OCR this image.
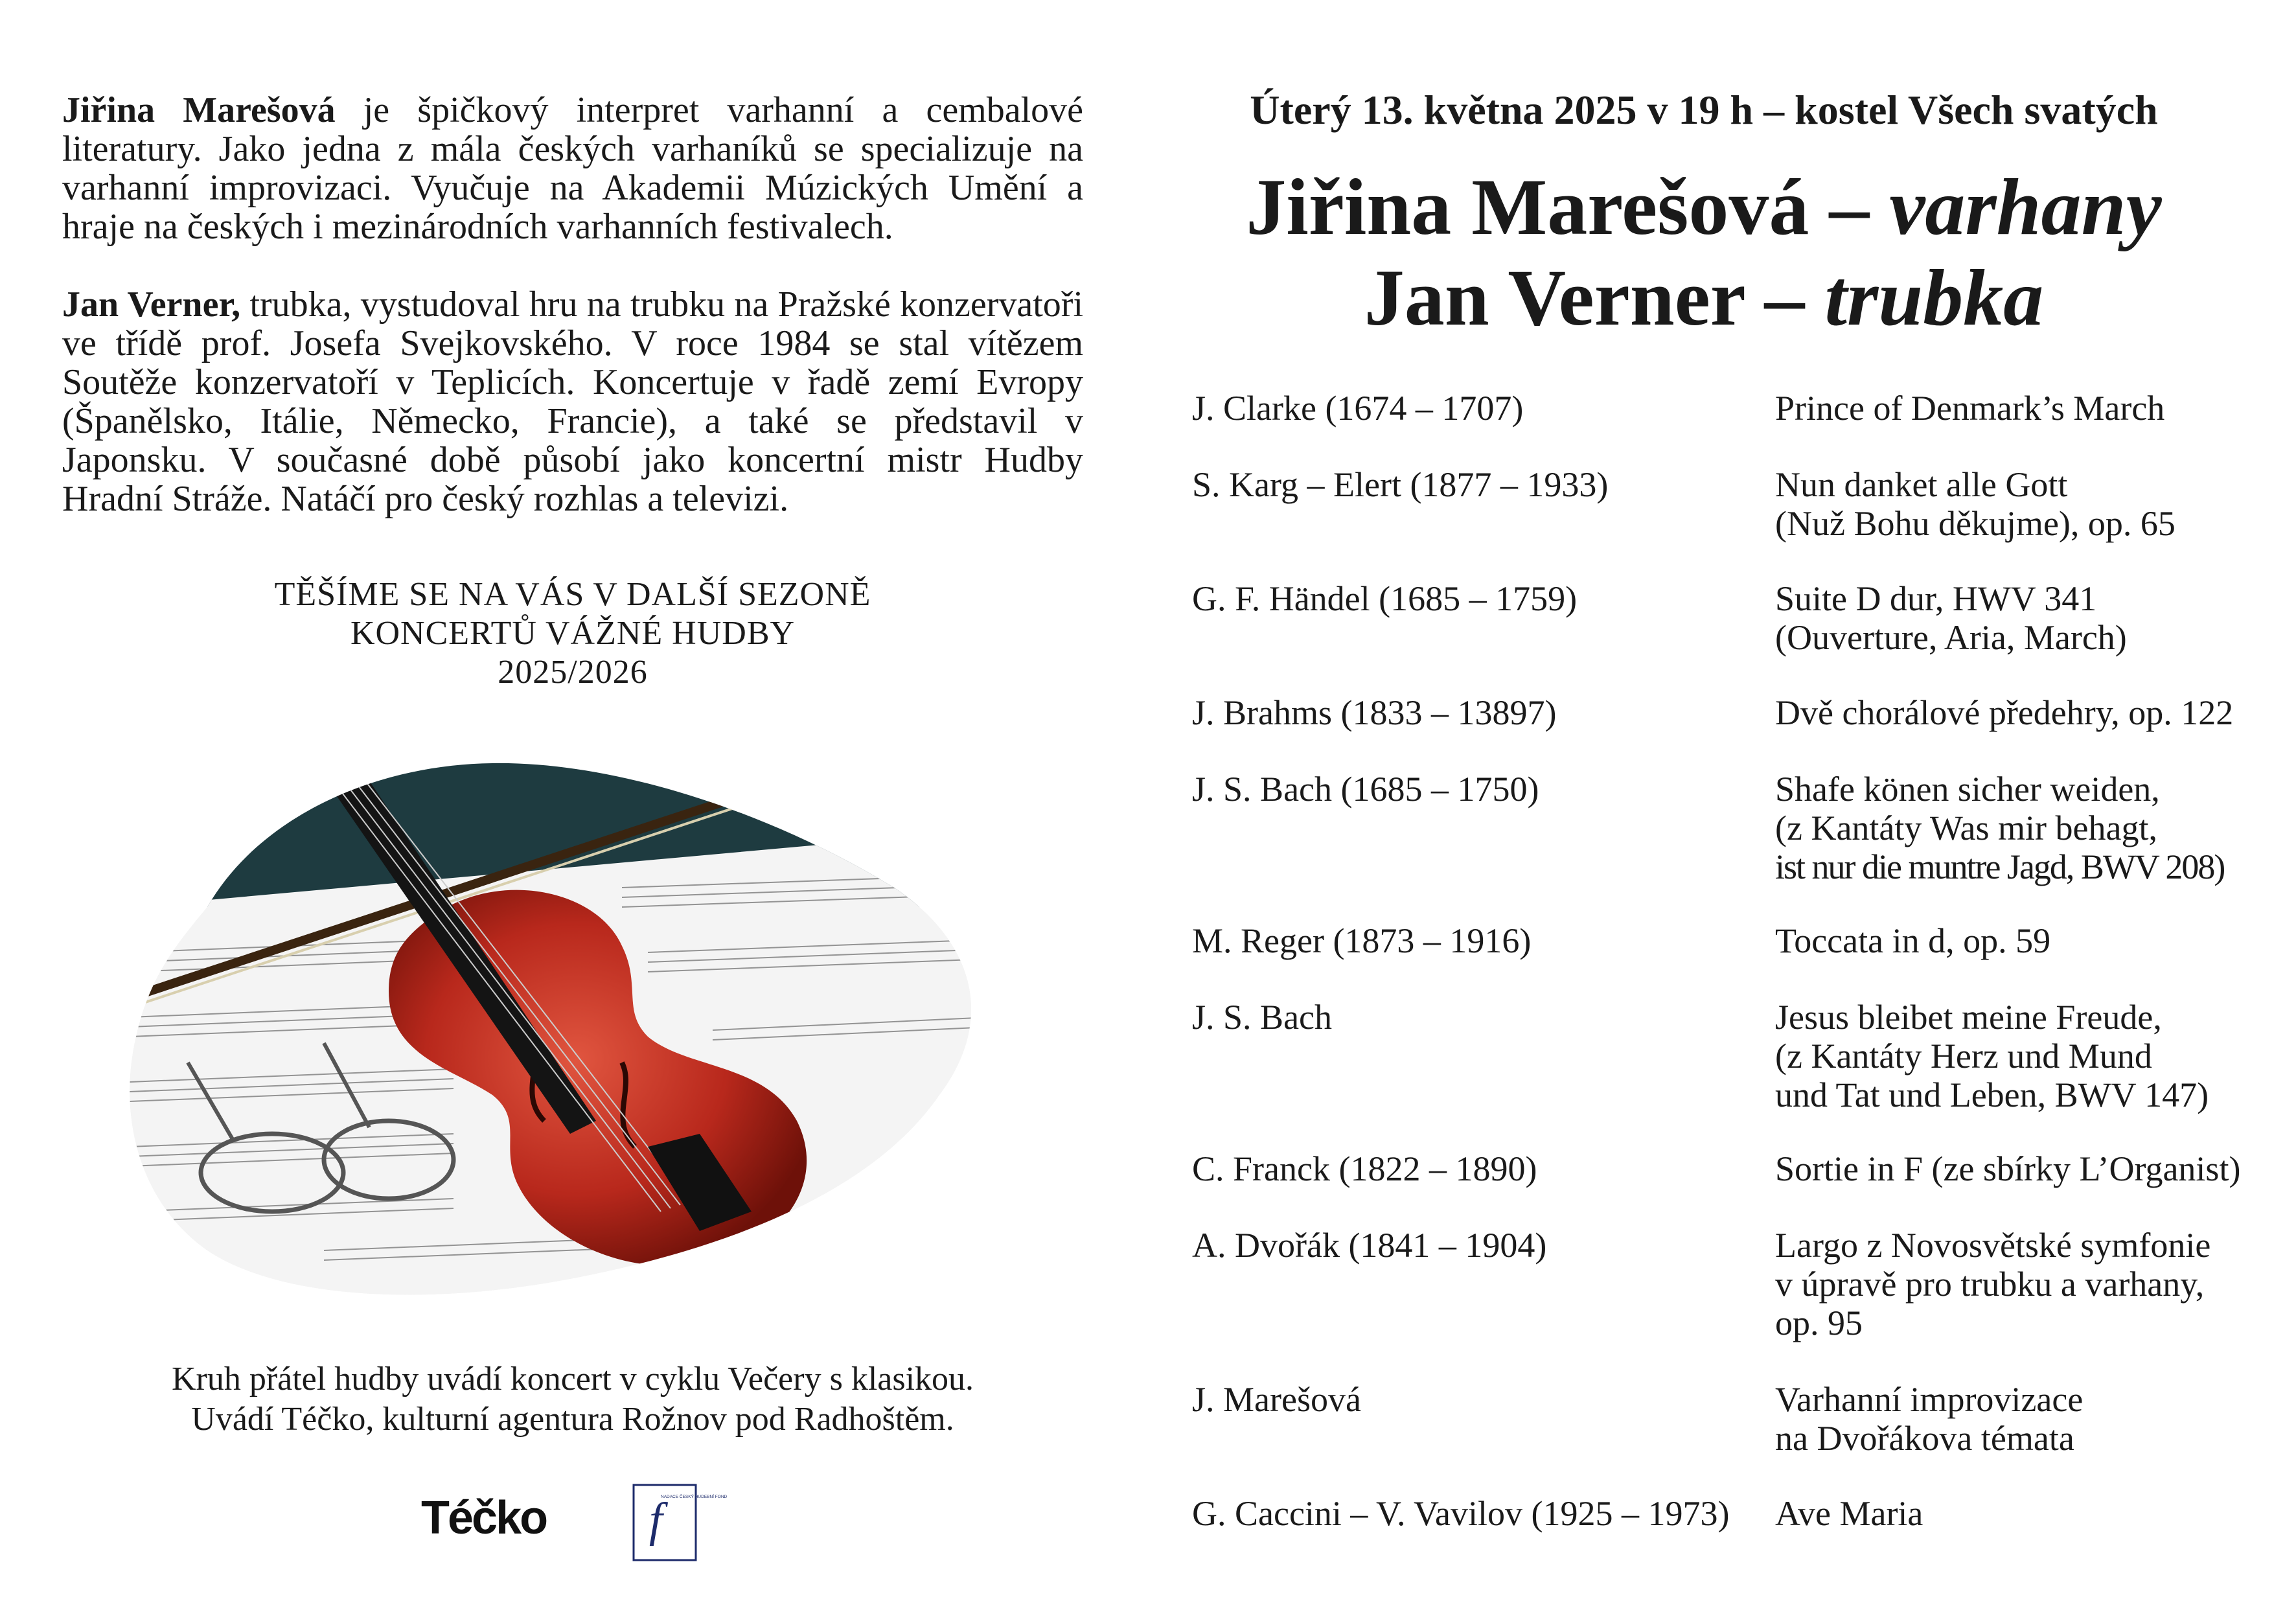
Jiřina Marešová je špičkový interpret varhanní a cembalové literatury. Jako jedna z mála českých varhaníků se specializuje na varhanní improvizaci. Vyučuje na Akademii Múzických Umění a hraje na českých i mezinárodních varhanních festivalech.

Jan Verner, trubka, vystudoval hru na trubku na Pražské konzervatoři ve třídě prof. Josefa Svejkovského. V roce 1984 se stal vítězem Soutěže konzervatoří v Teplicích. Koncertuje v řadě zemí Evropy (Španělsko, Itálie, Německo, Francie), a také se představil v Japonsku. V současné době působí jako koncertní mistr Hudby Hradní Stráže. Natáčí pro český rozhlas a televizi.

TĚŠÍME SE NA VÁS V DALŠÍ SEZONĚ
KONCERTŮ VÁŽNÉ HUDBY
2025/2026
Kruh přátel hudby uvádí koncert v cyklu Večery s klasikou.
Uvádí Téčko, kulturní agentura Rožnov pod Radhoštěm.
Téčko f
NADACE ČESKÝ HUDEBNÍ FOND
Úterý 13. května 2025 v 19 h – kostel Všech svatých
Jiřina Marešová – varhany
Jan Verner – trubka
J. Clarke (1674 – 1707)	Prince of Denmark’s March
S. Karg – Elert (1877 – 1933)	Nun danket alle Gott
(Nuž Bohu děkujme), op. 65
G. F. Händel (1685 – 1759)	Suite D dur, HWV 341
(Ouverture, Aria, March)
J. Brahms (1833 – 13897)	Dvě chorálové předehry, op. 122
J. S. Bach (1685 – 1750)	Shafe könen sicher weiden,
(z Kantáty Was mir behagt,
ist nur die muntre Jagd, BWV 208)
M. Reger (1873 – 1916)	Toccata in d, op. 59
J. S. Bach	Jesus bleibet meine Freude,
(z Kantáty Herz und Mund
und Tat und Leben, BWV 147)
C. Franck (1822 – 1890)	Sortie in F (ze sbírky L’Organist)
A. Dvořák (1841 – 1904)	Largo z Novosvětské symfonie
v úpravě pro trubku a varhany,
op. 95
J. Marešová	Varhanní improvizace
na Dvořákova témata
G. Caccini – V. Vavilov (1925 – 1973)	Ave Maria
